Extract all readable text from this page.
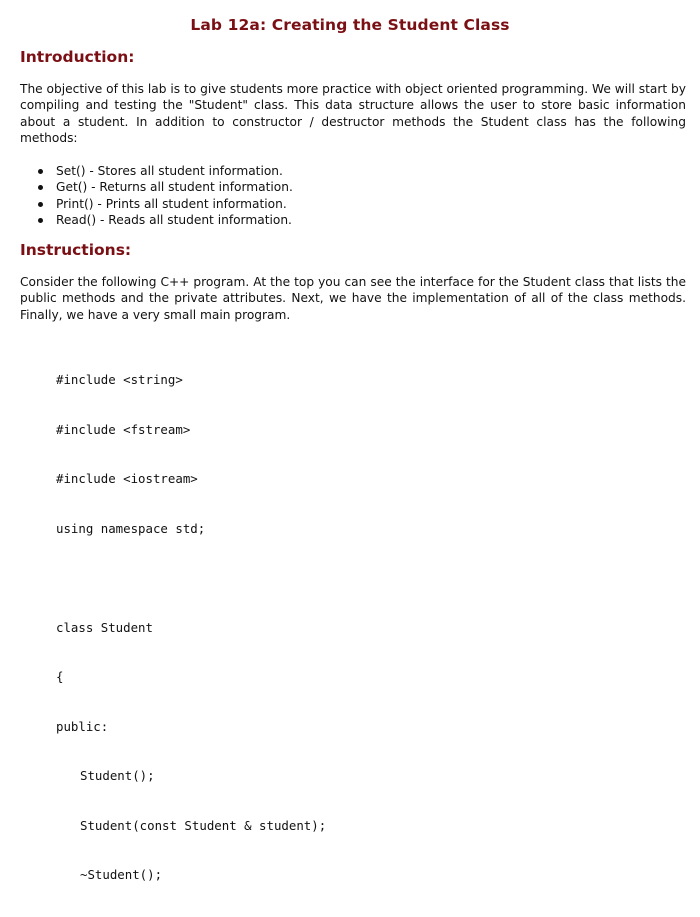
Lab 12a: Creating the Student Class
Introduction:
The objective of this lab is to give students more practice with object oriented programming. We will start by compiling and testing the "Student" class. This data structure allows the user to store basic information about a student. In addition to constructor / destructor methods the Student class has the following methods:
Set() - Stores all student information.
Get() - Returns all student information.
Print() - Prints all student information.
Read() - Reads all student information.
Instructions:
Consider the following C++ program. At the top you can see the interface for the Student class that lists the public methods and the private attributes. Next, we have the implementation of all of the class methods. Finally, we have a very small main program.

#include <string>

#include <fstream>

#include <iostream>

using namespace std;

class Student

{

public:

Student();

Student(const Student & student);

~Student();
